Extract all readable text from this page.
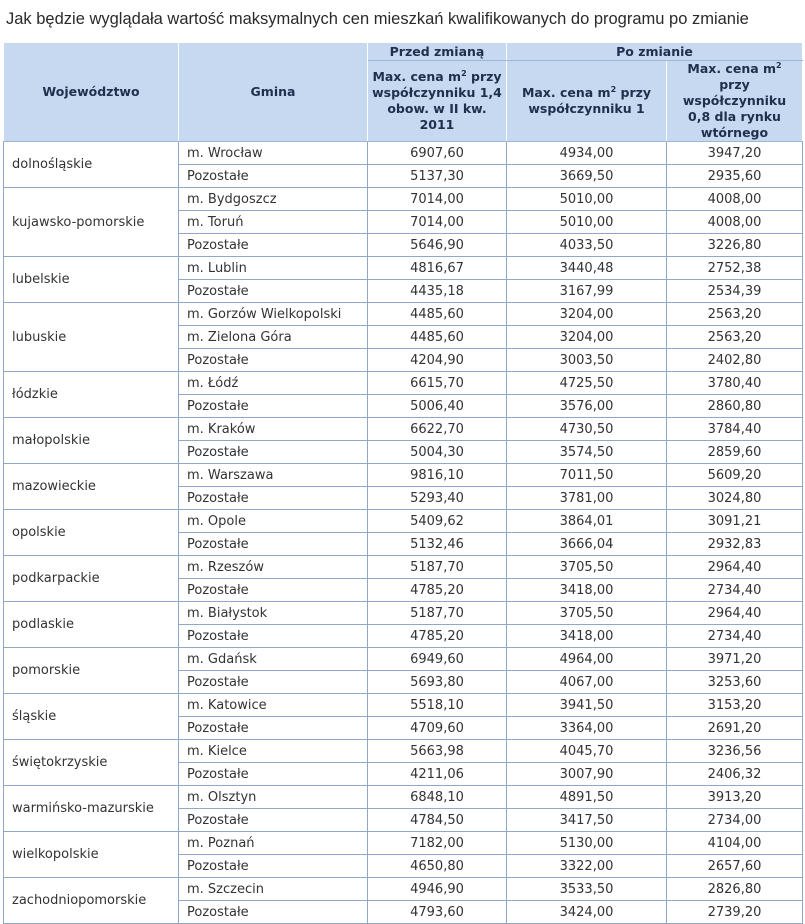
Jak będzie wyglądała wartość maksymalnych cen mieszkań kwalifikowanych do programu po zmianie
Województwo	Gmina	Przed zmianą	Po zmianie	
		Max. cena $m^2$ przy współczynniku 1,4 obow. w II kw. 2011	Max. cena $m^2$ przy współczynniku 1	Max. cena $m^2$ przy współczynniku 0,8 dla rynku wtórnego
dolnośląskie	m. Wrocław	6907,60	4934,00	3947,20
	Pozostałe	5137,30	3669,50	2935,60
kujawsko-pomorskie	m. Bydgoszcz	7014,00	5010,00	4008,00
	m. Toruń	7014,00	5010,00	4008,00
	Pozostałe	5646,90	4033,50	3226,80
lubelskie	m. Lublin	4816,67	3440,48	2752,38
	Pozostałe	4435,18	3167,99	2534,39
lubuskie	m. Gorzów Wielkopolski	4485,60	3204,00	2563,20
	m. Zielona Góra	4485,60	3204,00	2563,20
	Pozostałe	4204,90	3003,50	2402,80
łódzkie	m. Łódź	6615,70	4725,50	3780,40
	Pozostałe	5006,40	3576,00	2860,80
małopolskie	m. Kraków	6622,70	4730,50	3784,40
	Pozostałe	5004,30	3574,50	2859,60
mazowieckie	m. Warszawa	9816,10	7011,50	5609,20
	Pozostałe	5293,40	3781,00	3024,80
opolskie	m. Opole	5409,62	3864,01	3091,21
	Pozostałe	5132,46	3666,04	2932,83
podkarpackie	m. Rzeszów	5187,70	3705,50	2964,40
	Pozostałe	4785,20	3418,00	2734,40
podlaskie	m. Białystok	5187,70	3705,50	2964,40
	Pozostałe	4785,20	3418,00	2734,40
pomorskie	m. Gdańsk	6949,60	4964,00	3971,20
	Pozostałe	5693,80	4067,00	3253,60
śląskie	m. Katowice	5518,10	3941,50	3153,20
	Pozostałe	4709,60	3364,00	2691,20
świętokrzyskie	m. Kielce	5663,98	4045,70	3236,56
	Pozostałe	4211,06	3007,90	2406,32
warmińsko-mazurskie	m. Olsztyn	6848,10	4891,50	3913,20
	Pozostałe	4784,50	3417,50	2734,00
wielkopolskie	m. Poznań	7182,00	5130,00	4104,00
	Pozostałe	4650,80	3322,00	2657,60
zachodniopomorskie	m. Szczecin	4946,90	3533,50	2826,80
	Pozostałe	4793,60	3424,00	2739,20
